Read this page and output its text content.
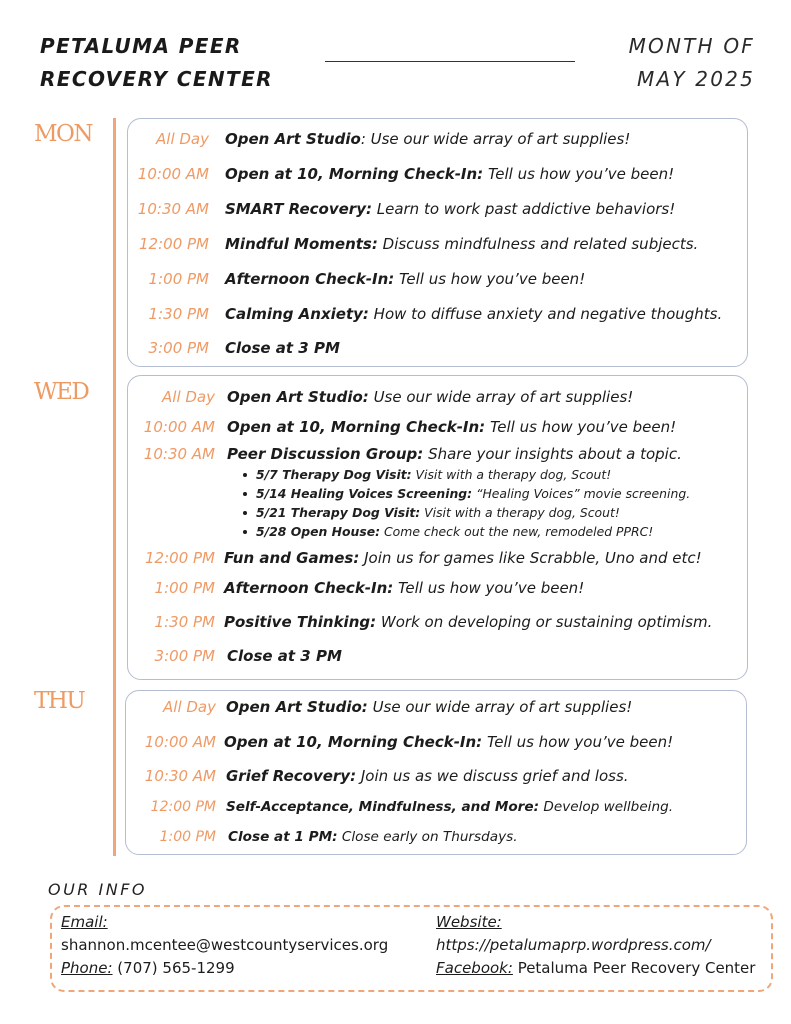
PETALUMA PEER
RECOVERY CENTER
MONTH OF
MAY 2025
MON	All Day Open Art Studio: Use our wide array of art supplies!
10:00 AM Open at 10, Morning Check-In: Tell us how you’ve been!
10:30 AM SMART Recovery: Learn to work past addictive behaviors!
12:00 PM Mindful Moments: Discuss mindfulness and related subjects.
1:00 PM Afternoon Check-In: Tell us how you’ve been!
1:30 PM Calming Anxiety: How to diffuse anxiety and negative thoughts.
3:00 PM Close at 3 PM
WED	All Day Open Art Studio: Use our wide array of art supplies!
10:00 AM Open at 10, Morning Check-In: Tell us how you’ve been!
10:30 AM Peer Discussion Group: Share your insights about a topic.
5/7 Therapy Dog Visit: Visit with a therapy dog, Scout!
5/14 Healing Voices Screening: “Healing Voices” movie screening.
5/21 Therapy Dog Visit: Visit with a therapy dog, Scout!
5/28 Open House: Come check out the new, remodeled PPRC!
12:00 PM Fun and Games: Join us for games like Scrabble, Uno and etc!
1:00 PM Afternoon Check-In: Tell us how you’ve been!
1:30 PM Positive Thinking: Work on developing or sustaining optimism.
3:00 PM Close at 3 PM
THU	All Day Open Art Studio: Use our wide array of art supplies!
10:00 AM Open at 10, Morning Check-In: Tell us how you’ve been!
10:30 AM Grief Recovery: Join us as we discuss grief and loss.
12:00 PM Self-Acceptance, Mindfulness, and More: Develop wellbeing.
1:00 PM Close at 1 PM: Close early on Thursdays.
OUR INFO
Email:
shannon.mcentee@westcountyservices.org
Phone: (707) 565-1299
Website:
https://petalumaprp.wordpress.com/
Facebook: Petaluma Peer Recovery Center
